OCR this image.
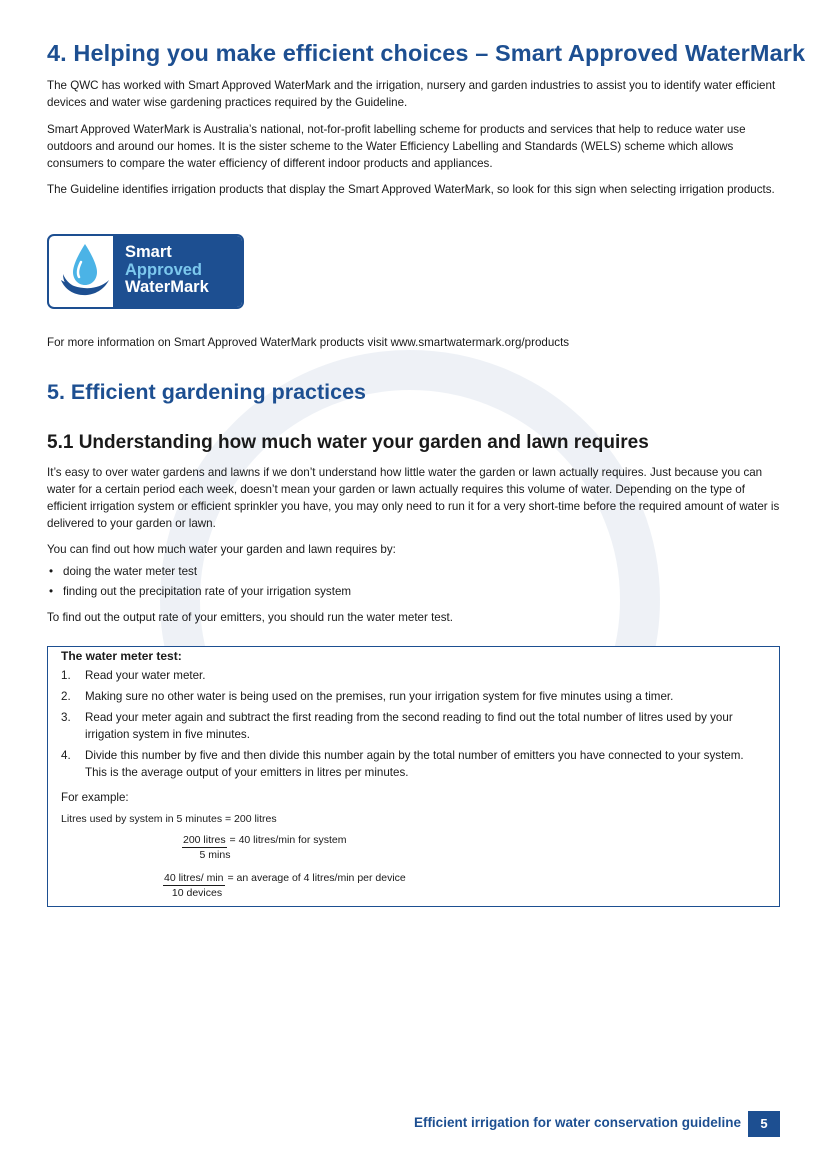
4. Helping you make efficient choices – Smart Approved WaterMark

The QWC has worked with Smart Approved WaterMark and the irrigation, nursery and garden industries to assist you to identify water efficient devices and water wise gardening practices required by the Guideline.

Smart Approved WaterMark is Australia’s national, not-for-profit labelling scheme for products and services that help to reduce water use outdoors and around our homes. It is the sister scheme to the Water Efficiency Labelling and Standards (WELS) scheme which allows consumers to compare the water efficiency of different indoor products and appliances.

The Guideline identifies irrigation products that display the Smart Approved WaterMark, so look for this sign when selecting irrigation products.

Smart
Approved
WaterMark

For more information on Smart Approved WaterMark products visit www.smartwatermark.org/products

5. Efficient gardening practices
5.1 Understanding how much water your garden and lawn requires

It’s easy to over water gardens and lawns if we don’t understand how little water the garden or lawn actually requires. Just because you can water for a certain period each week, doesn’t mean your garden or lawn actually requires this volume of water. Depending on the type of efficient irrigation system or efficient sprinkler you have, you may only need to run it for a very short-time before the required amount of water is delivered to your garden or lawn.

You can find out how much water your garden and lawn requires by:

• doing the water meter test
• finding out the precipitation rate of your irrigation system

To find out the output rate of your emitters, you should run the water meter test.

The water meter test:
1. Read your water meter.
2. Making sure no other water is being used on the premises, run your irrigation system for five minutes using a timer.
3. Read your meter again and subtract the first reading from the second reading to find out the total number of litres used by your irrigation system in five minutes.
4. Divide this number by five and then divide this number again by the total number of emitters you have connected to your system. This is the average output of your emitters in litres per minutes.
For example:
Litres used by system in 5 minutes = 200 litres
200 litres = 40 litres/min for system
5 mins
40 litres/ min = an average of 4 litres/min per device
10 devices
Efficient irrigation for water conservation guideline	5
